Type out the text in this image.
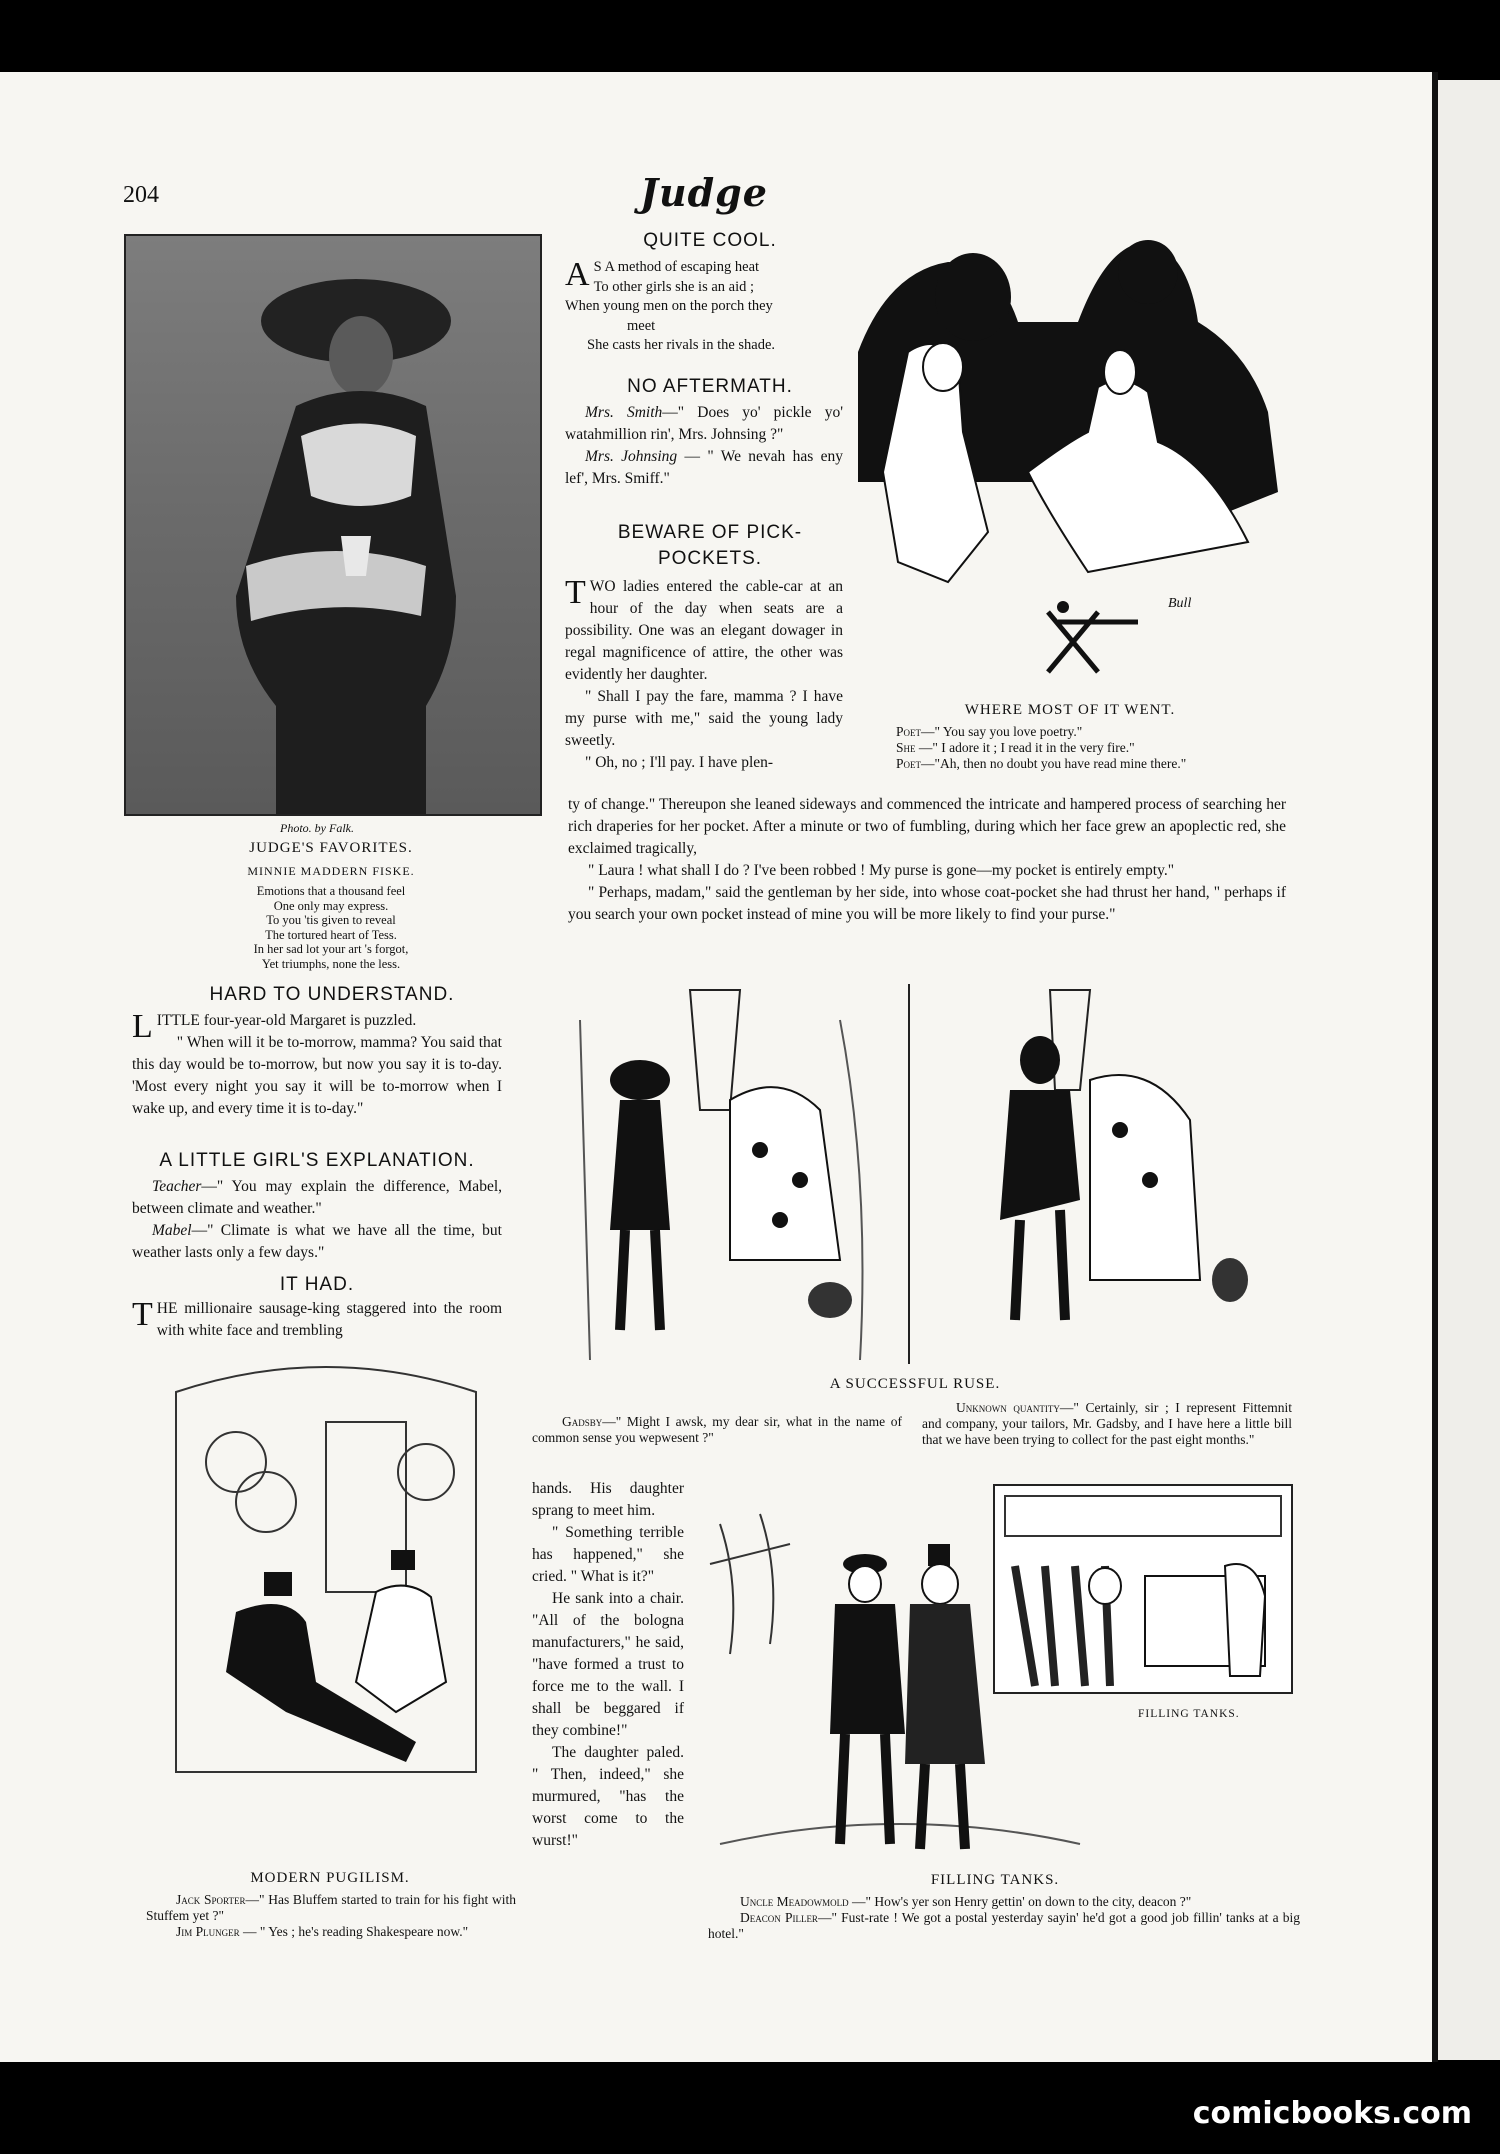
204	Judge
Photo. by Falk.
JUDGE'S FAVORITES.
MINNIE MADDERN FISKE.
Emotions that a thousand feel
One only may express.
To you 'tis given to reveal
The tortured heart of Tess.
In her sad lot your art 's forgot,
Yet triumphs, none the less.
QUITE COOL.
A S A method of escaping heat
To other girls she is an aid ;
When young men on the porch they
meet
She casts her rivals in the shade.
NO AFTERMATH.

Mrs. Smith—" Does yo' pickle yo' watahmillion rin', Mrs. Johnsing ?"

Mrs. Johnsing — " We nevah has eny lef', Mrs. Smiff."

BEWARE OF PICK-
POCKETS.

TWO ladies entered the cable-car at an hour of the day when seats are a possibility. One was an elegant dowager in regal magnificence of attire, the other was evidently her daughter.

" Shall I pay the fare, mamma ? I have my purse with me," said the young lady sweetly.

" Oh, no ; I'll pay. I have plen-

ty of change." Thereupon she leaned sideways and commenced the intricate and hampered process of searching her rich draperies for her pocket. After a minute or two of fumbling, during which her face grew an apoplectic red, she exclaimed tragically,

" Laura ! what shall I do ? I've been robbed ! My purse is gone—my pocket is entirely empty."

" Perhaps, madam," said the gentleman by her side, into whose coat-pocket she had thrust her hand, " perhaps if you search your own pocket instead of mine you will be more likely to find your purse."

Bull
WHERE MOST OF IT WENT.
Poet—" You say you love poetry."
She —" I adore it ; I read it in the very fire."
Poet—"Ah, then no doubt you have read mine there."
HARD TO UNDERSTAND.

LITTLE four-year-old Margaret is puzzled.

" When will it be to-morrow, mamma? You said that this day would be to-morrow, but now you say it is to-day. 'Most every night you say it will be to-morrow when I wake up, and every time it is to-day."

A LITTLE GIRL'S EXPLANATION.

Teacher—" You may explain the difference, Mabel, between climate and weather."

Mabel—" Climate is what we have all the time, but weather lasts only a few days."

IT HAD.

THE millionaire sausage-king staggered into the room with white face and trembling

hands. His daughter sprang to meet him.

" Something terrible has happened," she cried. " What is it?"

He sank into a chair. "All of the bologna manufacturers," he said, "have formed a trust to force me to the wall. I shall be beggared if they combine!"

The daughter paled. " Then, indeed," she murmured, "has the worst come to the wurst!"

A SUCCESSFUL RUSE.
Gadsby—" Might I awsk, my dear sir, what in the name of common sense you wepwesent ?"
Unknown quantity—" Certainly, sir ; I represent Fittemnit and company, your tailors, Mr. Gadsby, and I have here a little bill that we have been trying to collect for the past eight months."
MODERN PUGILISM.
Jack Sporter—" Has Bluffem started to train for his fight with Stuffem yet ?"
Jim Plunger — " Yes ; he's reading Shakespeare now."
FILLING TANKS.
FILLING TANKS.
Uncle Meadowmold —" How's yer son Henry gettin' on down to the city, deacon ?"
Deacon Piller—" Fust-rate ! We got a postal yesterday sayin' he'd got a good job fillin' tanks at a big hotel."
comicbooks.com
